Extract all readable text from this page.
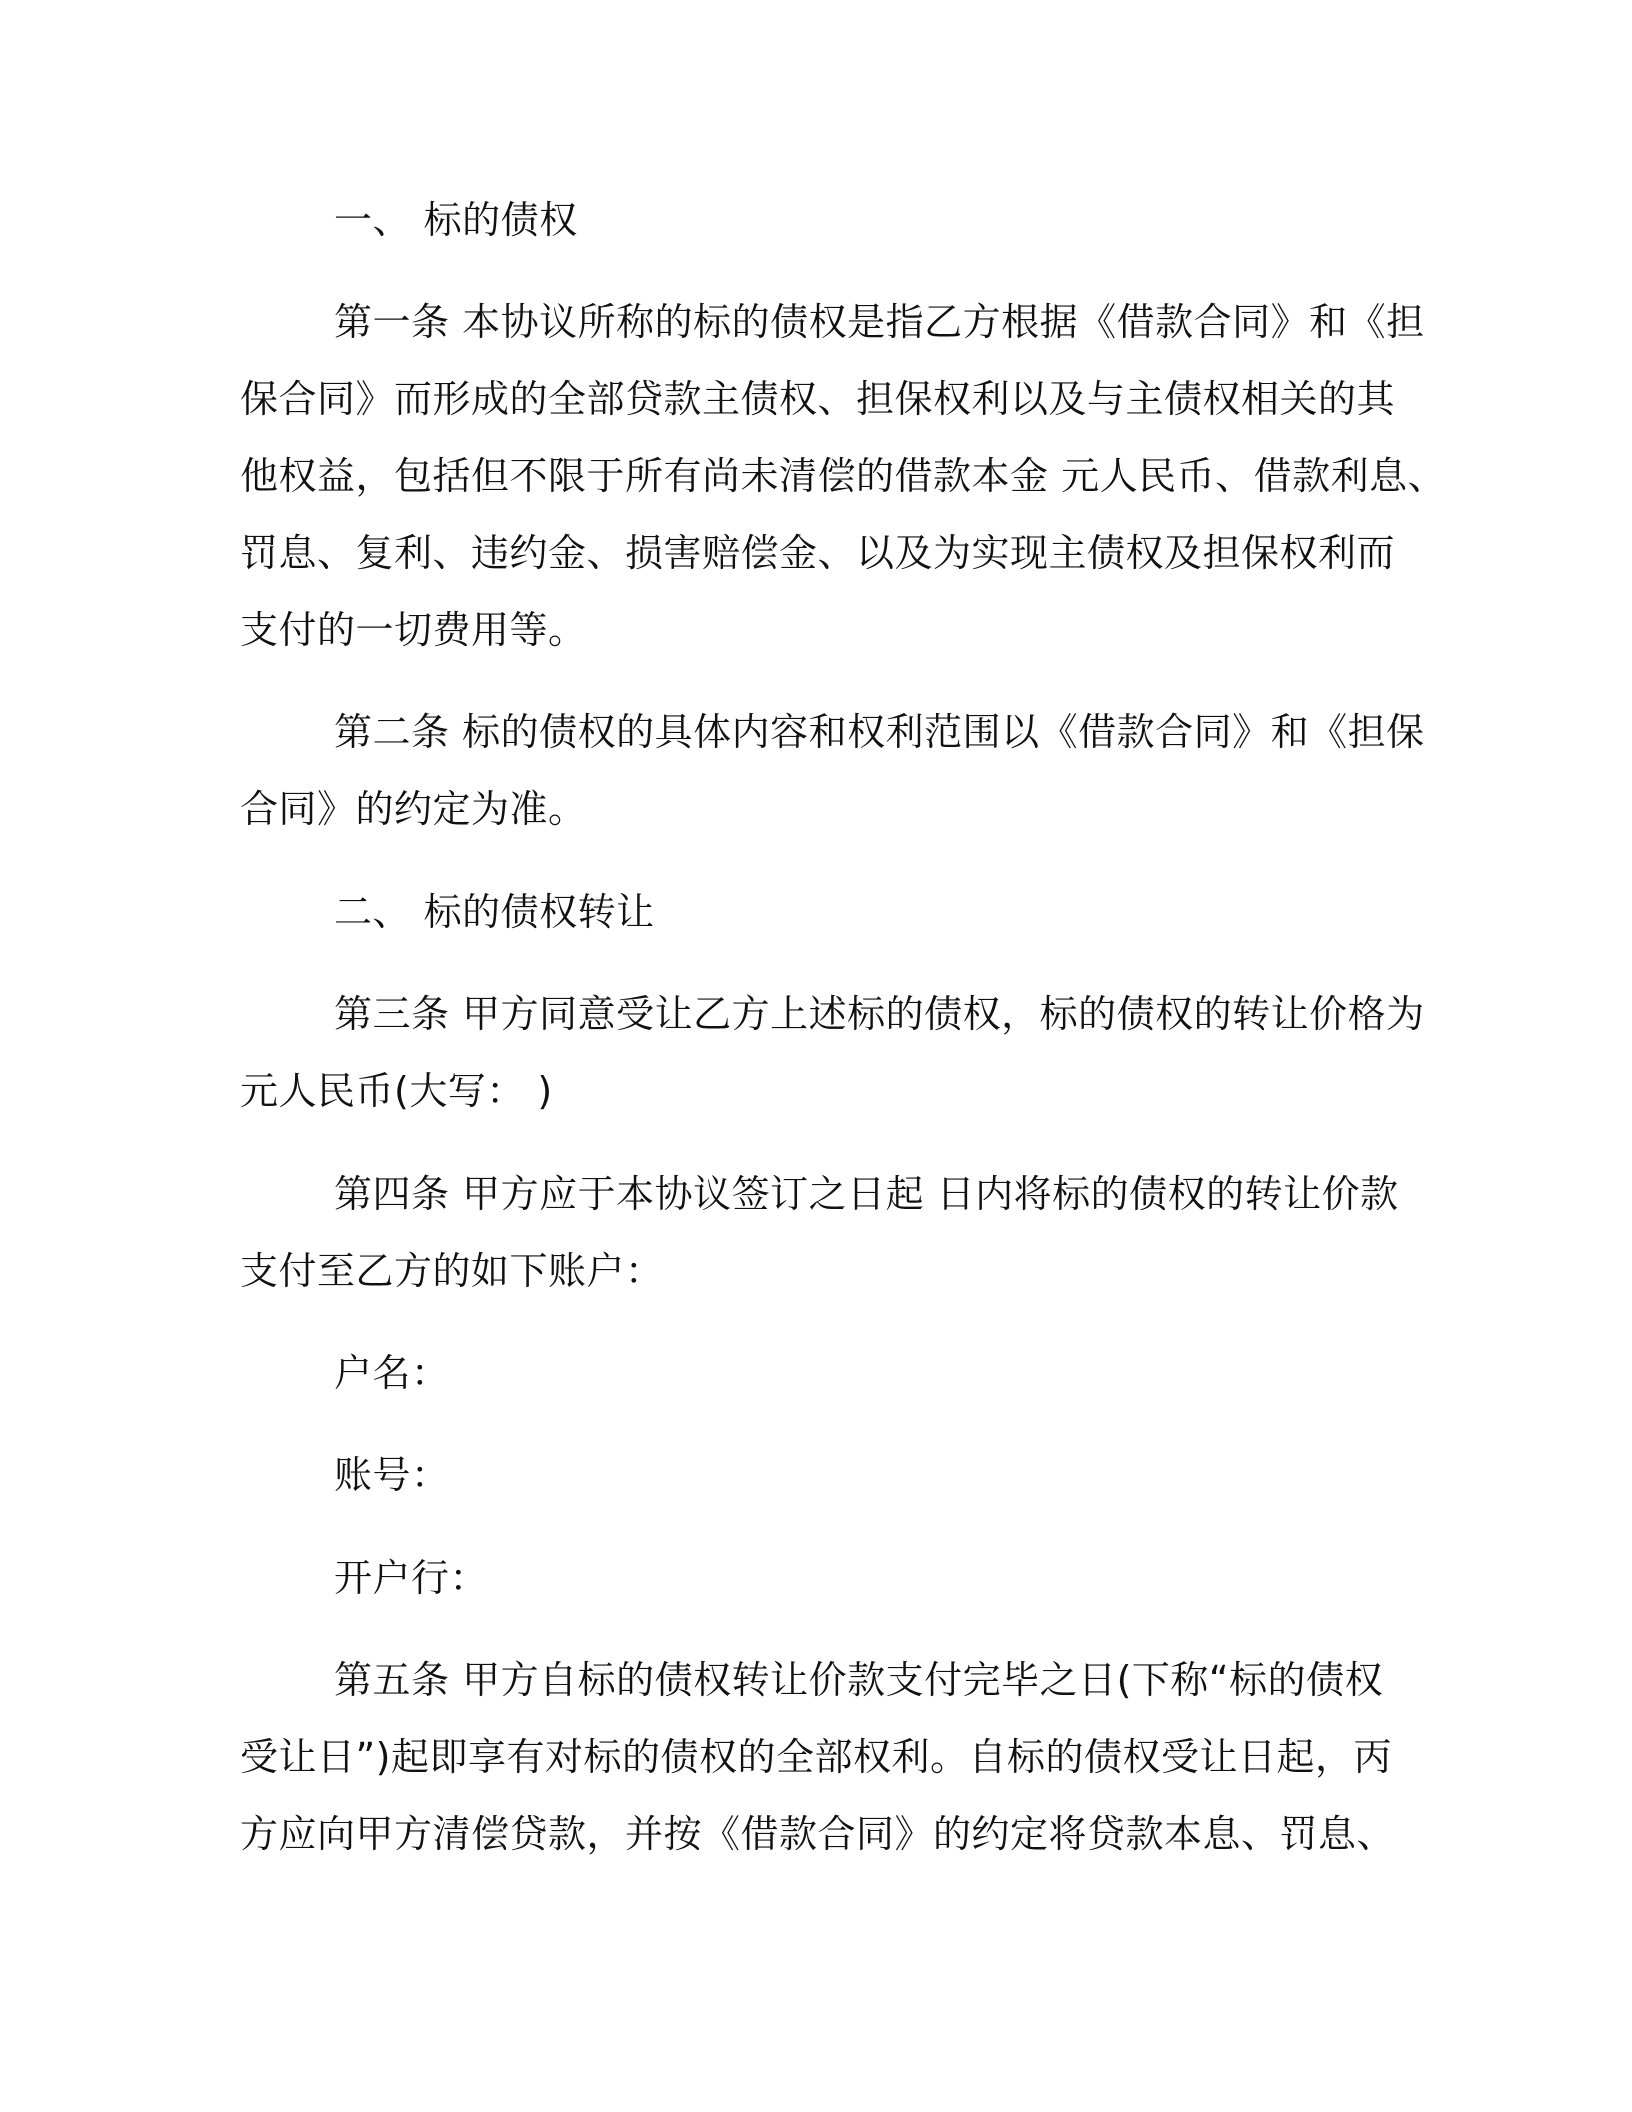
一、 标的债权
第一条 本协议所称的标的债权是指乙方根据《借款合同》和《担
保合同》而形成的全部贷款主债权、担保权利以及与主债权相关的其
他权益，包括但不限于所有尚未清偿的借款本金 元人民币、借款利息、
罚息、复利、违约金、损害赔偿金、以及为实现主债权及担保权利而
支付的一切费用等。
第二条 标的债权的具体内容和权利范围以《借款合同》和《担保
合同》的约定为准。
二、 标的债权转让
第三条 甲方同意受让乙方上述标的债权，标的债权的转让价格为
元人民币(大写： )
第四条 甲方应于本协议签订之日起 日内将标的债权的转让价款
支付至乙方的如下账户：
户名：
账号：
开户行：
第五条 甲方自标的债权转让价款支付完毕之日(下称“标的债权
受让日”)起即享有对标的债权的全部权利。自标的债权受让日起，丙
方应向甲方清偿贷款，并按《借款合同》的约定将贷款本息、罚息、
